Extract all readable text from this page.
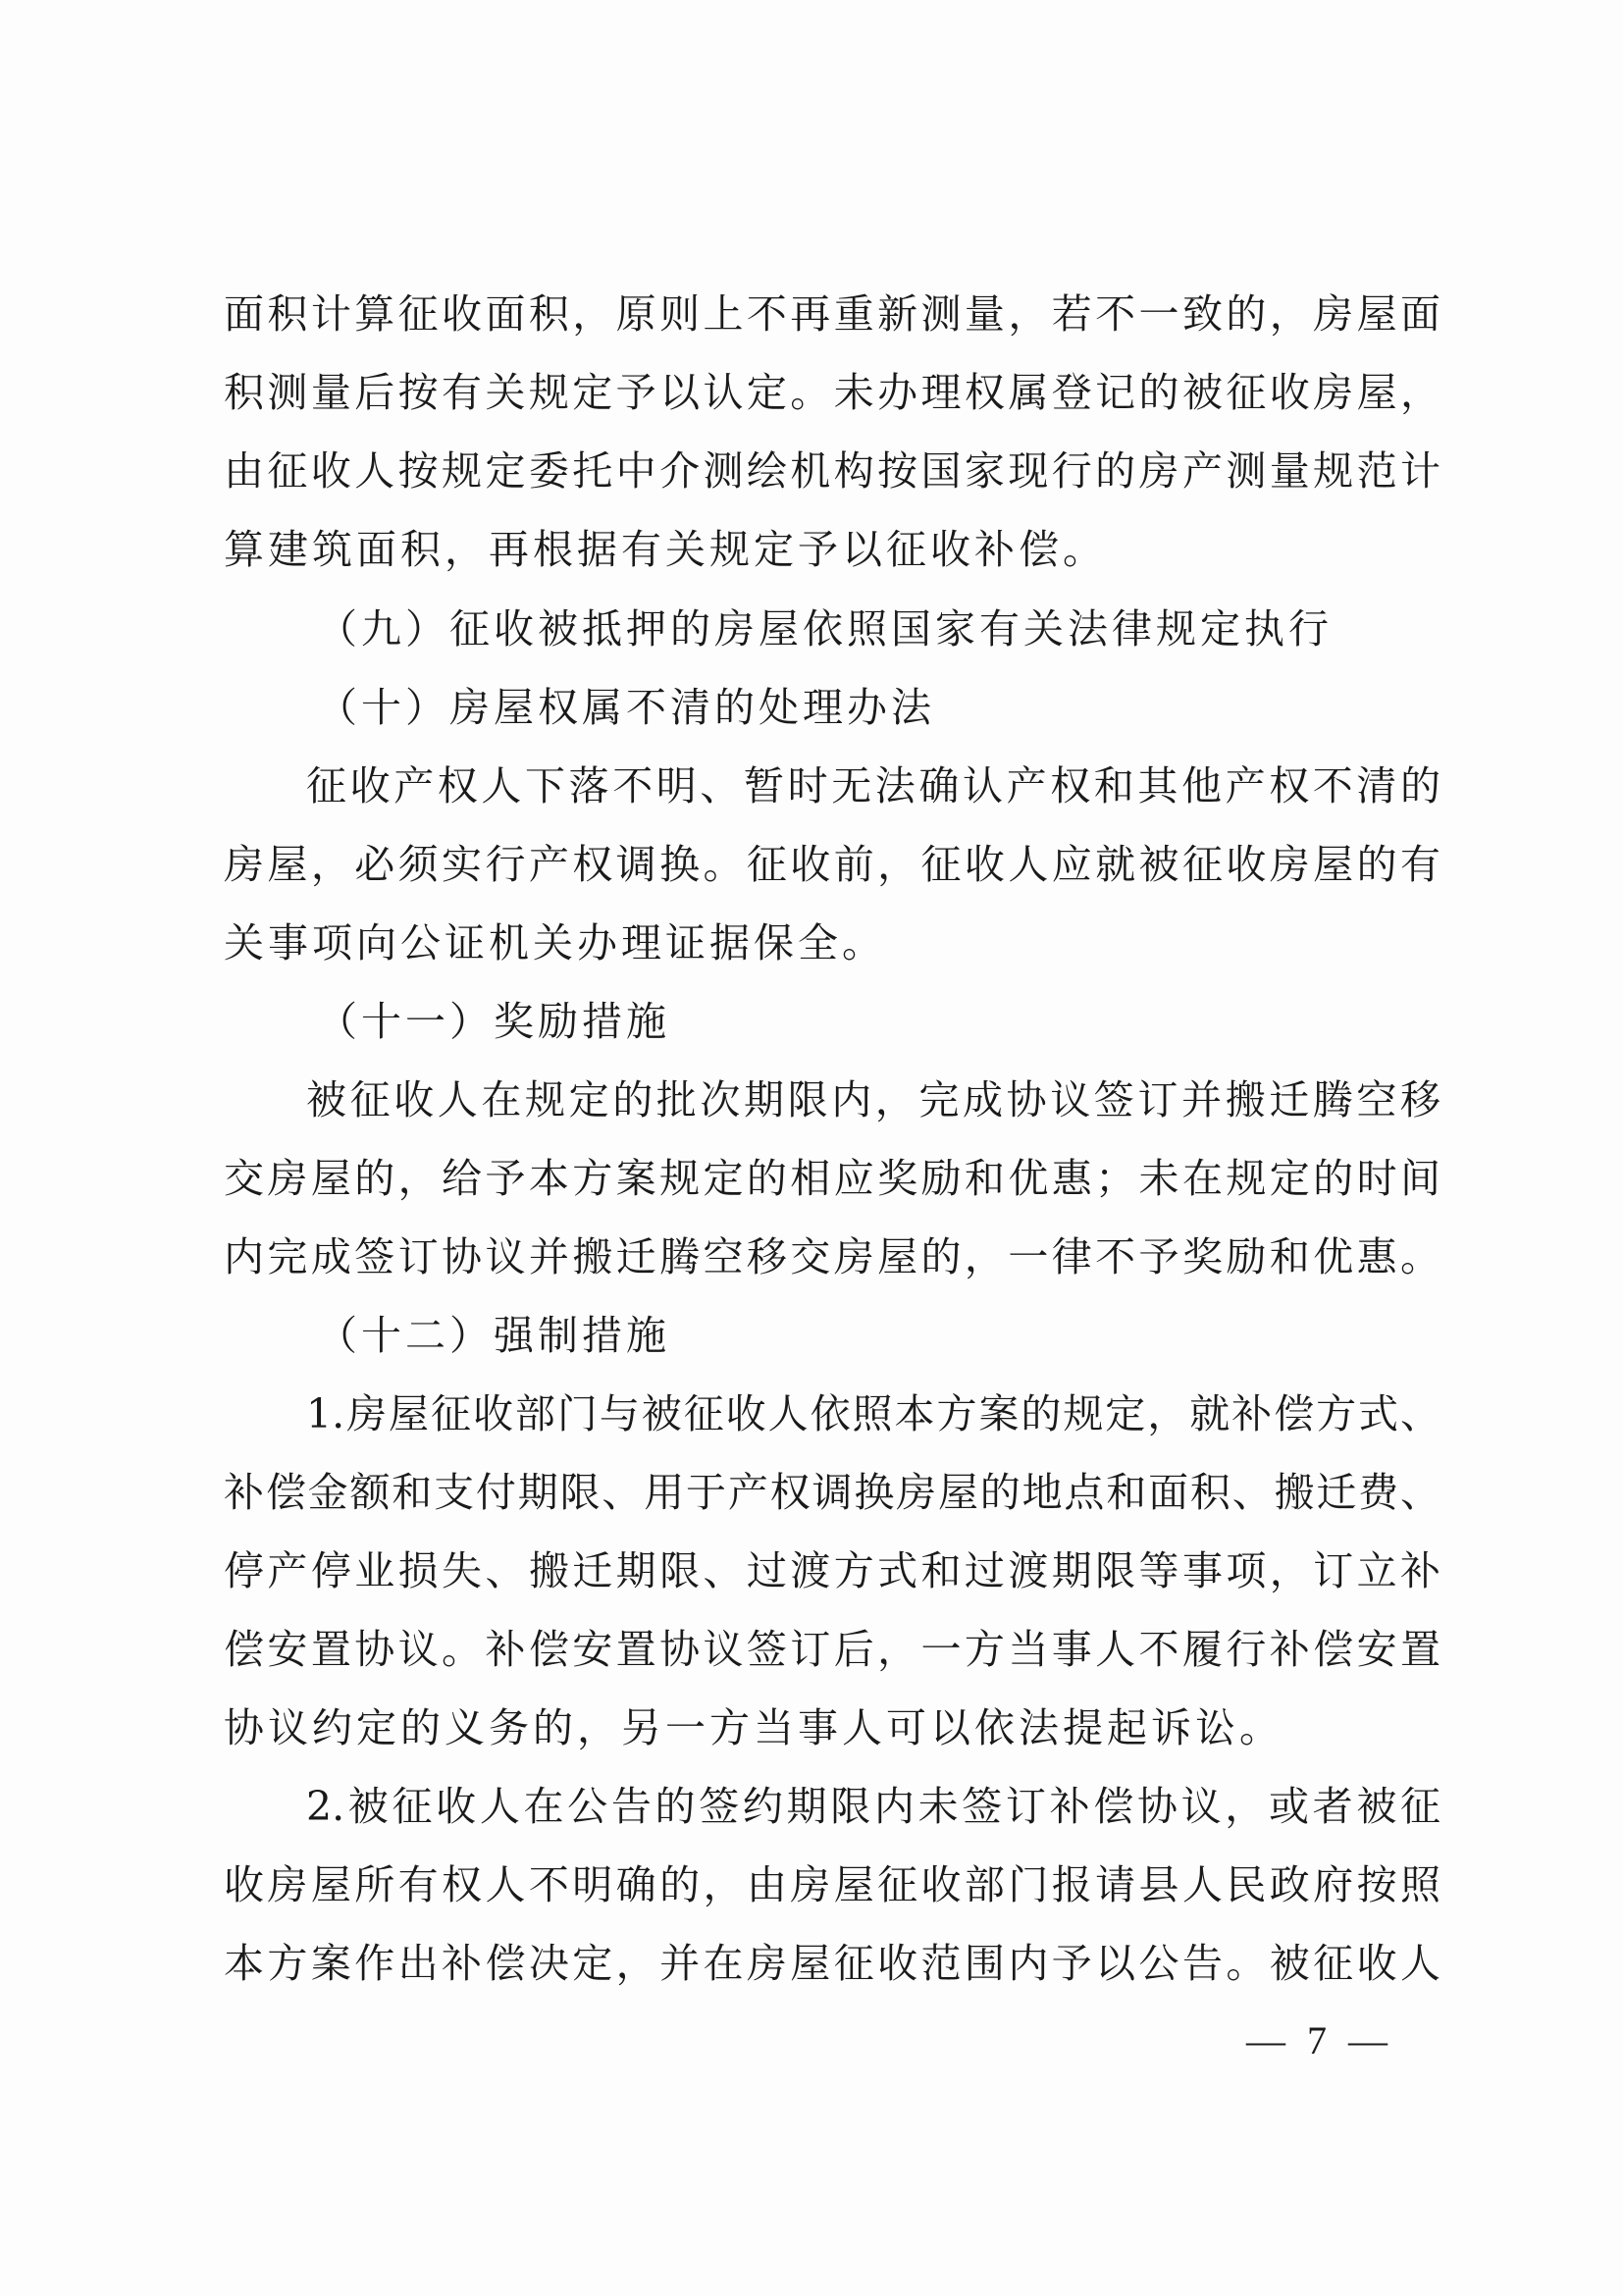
面积计算征收面积，原则上不再重新测量，若不一致的，房屋面
积测量后按有关规定予以认定。未办理权属登记的被征收房屋，
由征收人按规定委托中介测绘机构按国家现行的房产测量规范计
算建筑面积，再根据有关规定予以征收补偿。
（九）征收被抵押的房屋依照国家有关法律规定执行
（十）房屋权属不清的处理办法
征收产权人下落不明、暂时无法确认产权和其他产权不清的
房屋，必须实行产权调换。征收前，征收人应就被征收房屋的有
关事项向公证机关办理证据保全。
（十一）奖励措施
被征收人在规定的批次期限内，完成协议签订并搬迁腾空移
交房屋的，给予本方案规定的相应奖励和优惠；未在规定的时间
内完成签订协议并搬迁腾空移交房屋的，一律不予奖励和优惠。
（十二）强制措施
1.房屋征收部门与被征收人依照本方案的规定，就补偿方式、
补偿金额和支付期限、用于产权调换房屋的地点和面积、搬迁费、
停产停业损失、搬迁期限、过渡方式和过渡期限等事项，订立补
偿安置协议。补偿安置协议签订后，一方当事人不履行补偿安置
协议约定的义务的，另一方当事人可以依法提起诉讼。
2.被征收人在公告的签约期限内未签订补偿协议，或者被征
收房屋所有权人不明确的，由房屋征收部门报请县人民政府按照
本方案作出补偿决定，并在房屋征收范围内予以公告。被征收人
— 7 —
